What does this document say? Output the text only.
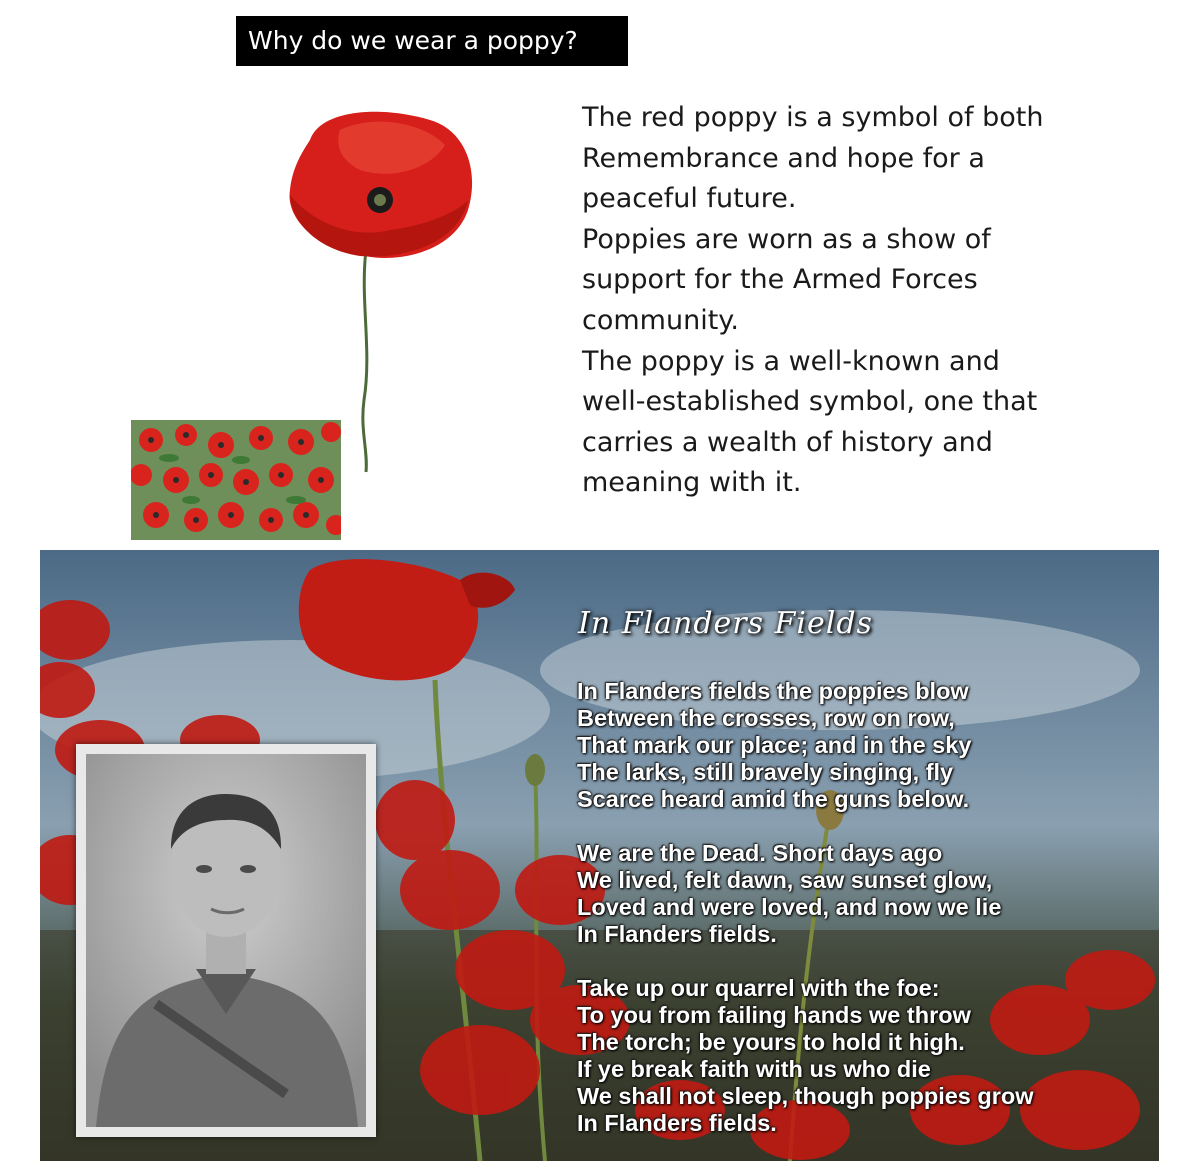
Why do we wear a poppy?

The red poppy is a symbol of both

Remembrance and hope for a

peaceful future.

Poppies are worn as a show of

support for the Armed Forces

community.

The poppy is a well-known and

well-established symbol, one that

carries a wealth of history and

meaning with it.

In Flanders Fields
In Flanders fields the poppies blow
Between the crosses, row on row,
That mark our place; and in the sky
The larks, still bravely singing, fly
Scarce heard amid the guns below.
We are the Dead. Short days ago
We lived, felt dawn, saw sunset glow,
Loved and were loved, and now we lie
In Flanders fields.
Take up our quarrel with the foe:
To you from failing hands we throw
The torch; be yours to hold it high.
If ye break faith with us who die
We shall not sleep, though poppies grow
In Flanders fields.
